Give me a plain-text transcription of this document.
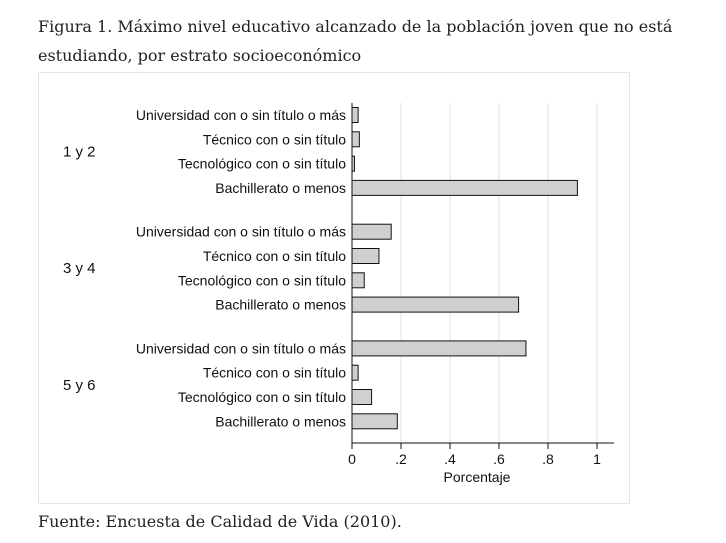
Figura 1. Máximo nivel educativo alcanzado de la población joven que no está estudiando, por estrato socioeconómico
Universidad con o sin título o más
Técnico con o sin título
Tecnológico con o sin título
Bachillerato o menos
1 y 2
Universidad con o sin título o más
Técnico con o sin título
Tecnológico con o sin título
Bachillerato o menos
3 y 4
Universidad con o sin título o más
Técnico con o sin título
Tecnológico con o sin título
Bachillerato o menos
5 y 6
0	.2	.4	.6	.8	1
Porcentaje
Fuente: Encuesta de Calidad de Vida (2010).
